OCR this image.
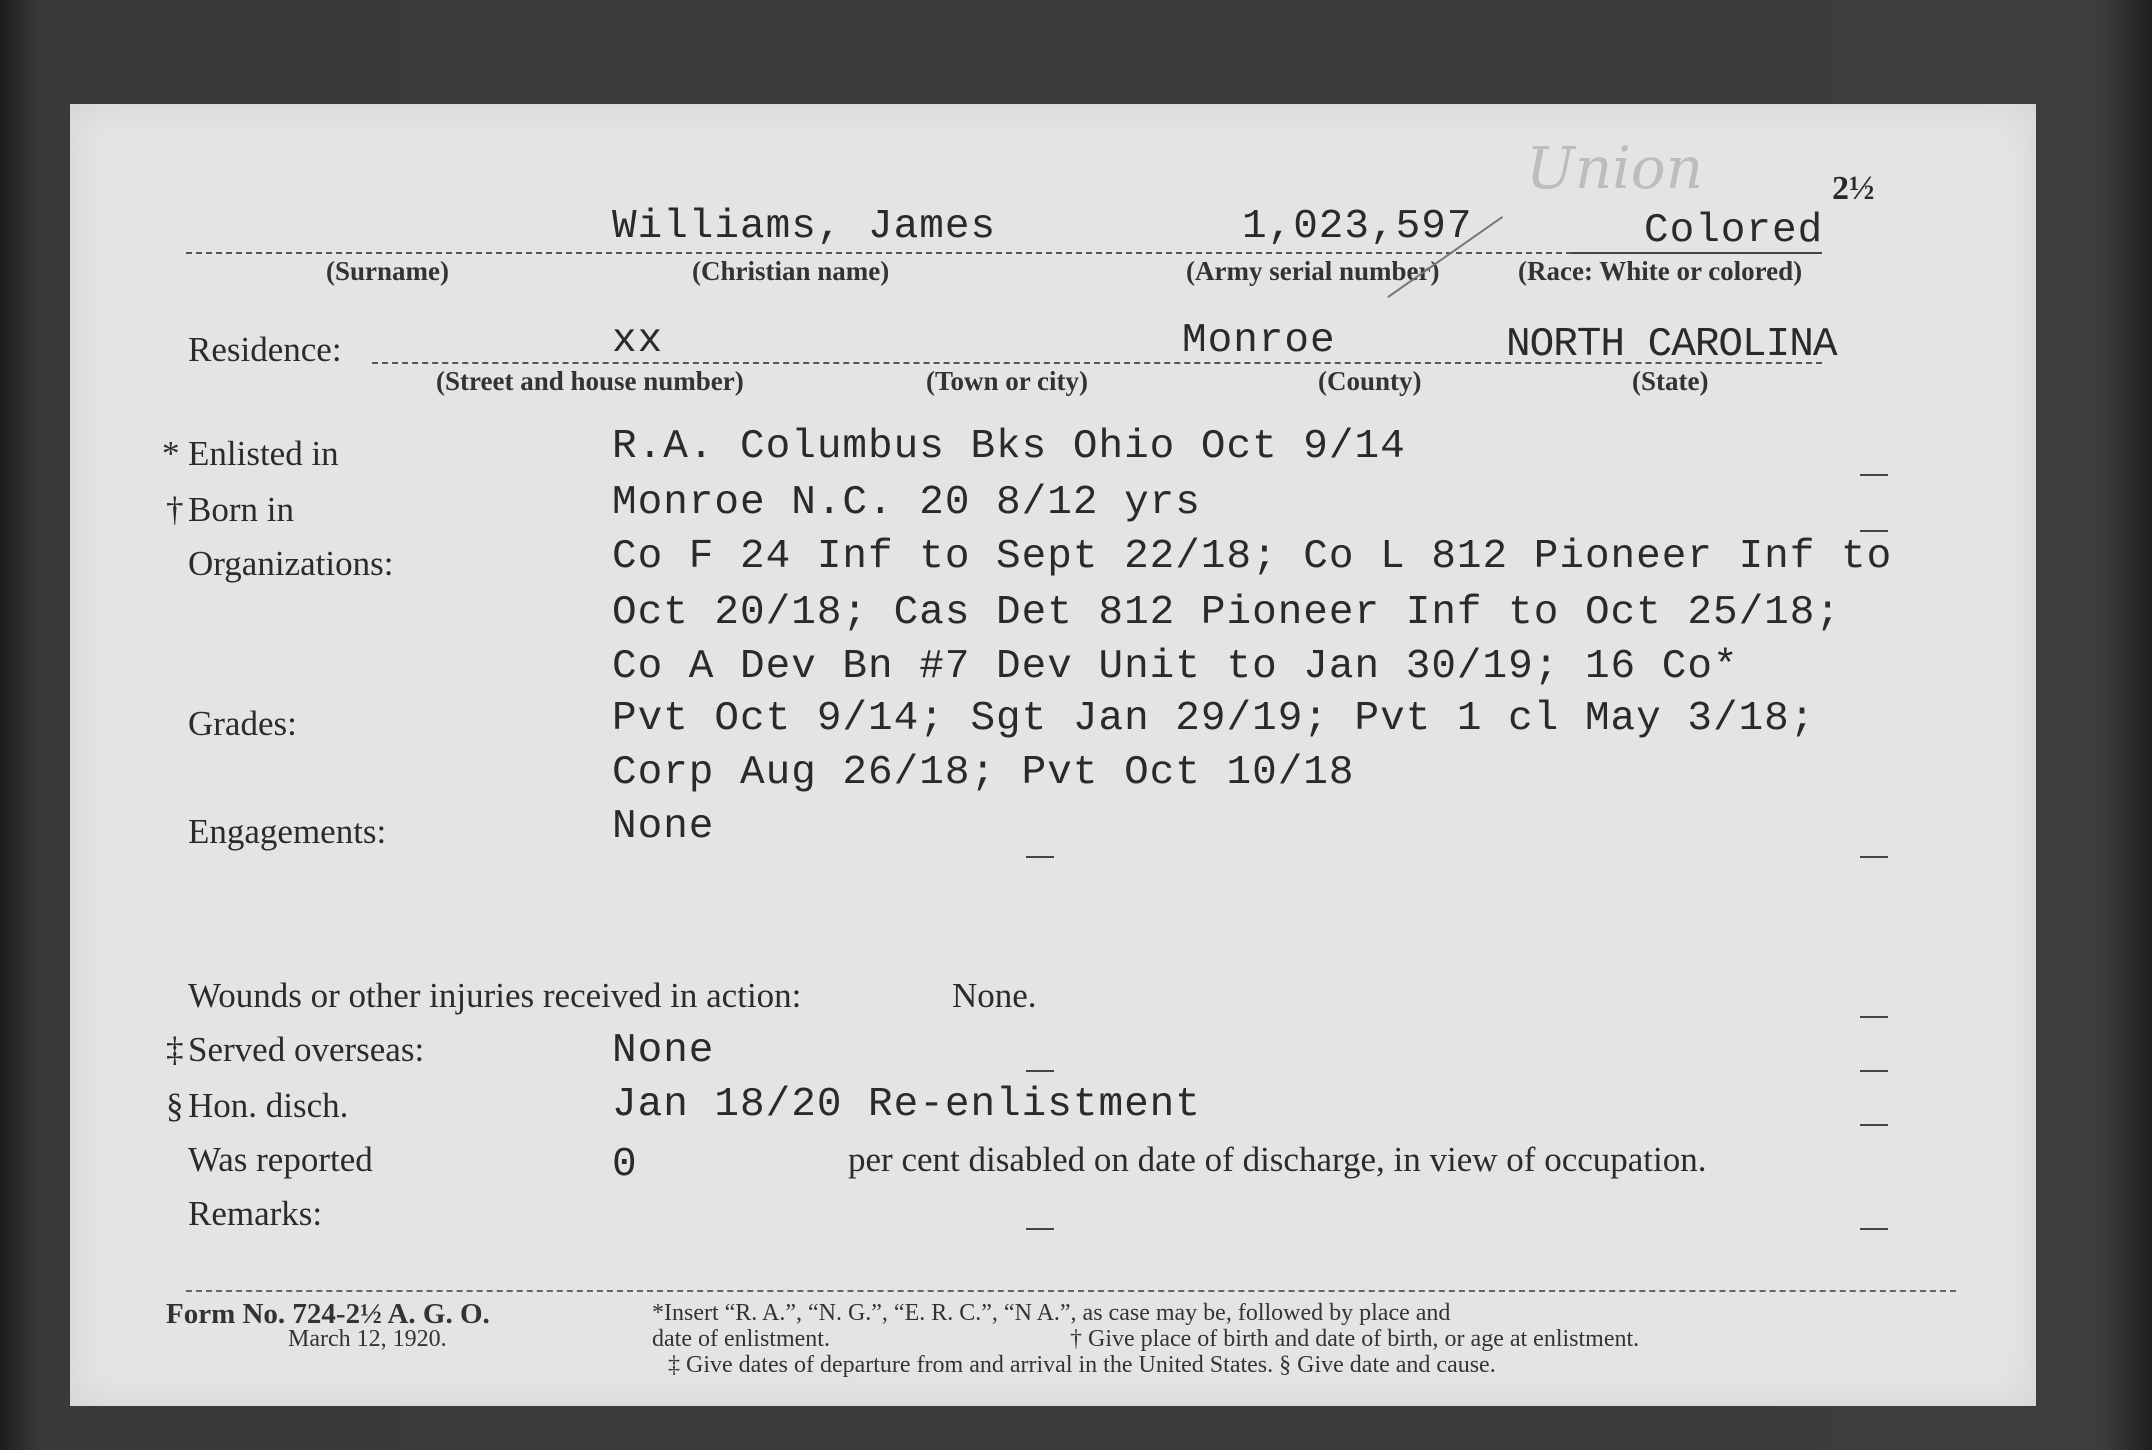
Union	2½
Williams, James	1,023,597	Colored
(Surname)	(Christian name)	(Army serial number)	(Race: White or colored)
Residence:	xx	Monroe	NORTH CAROLINA
(Street and house number)	(Town or city)	(County)	(State)
* Enlisted in	R.A. Columbus Bks Ohio Oct 9/14
† Born in	Monroe N.C. 20 8/12 yrs
Organizations:	Co F 24 Inf to Sept 22/18; Co L 812 Pioneer Inf to
Oct 20/18; Cas Det 812 Pioneer Inf to Oct 25/18;
Co A Dev Bn #7 Dev Unit to Jan 30/19; 16 Co*
Grades:	Pvt Oct 9/14; Sgt Jan 29/19; Pvt 1 cl May 3/18;
Corp Aug 26/18; Pvt Oct 10/18
Engagements:	None
Wounds or other injuries received in action:	None.
‡ Served overseas:	None
§ Hon. disch.	Jan 18/20 Re-enlistment
Was reported	0	per cent disabled on date of discharge, in view of occupation.
Remarks:
Form No. 724-2½ A. G. O.
March 12, 1920.
*Insert “R. A.”, “N. G.”, “E. R. C.”, “N A.”, as case may be, followed by place and
date of enlistment.	† Give place of birth and date of birth, or age at enlistment.
‡ Give dates of departure from and arrival in the United States. § Give date and cause.
